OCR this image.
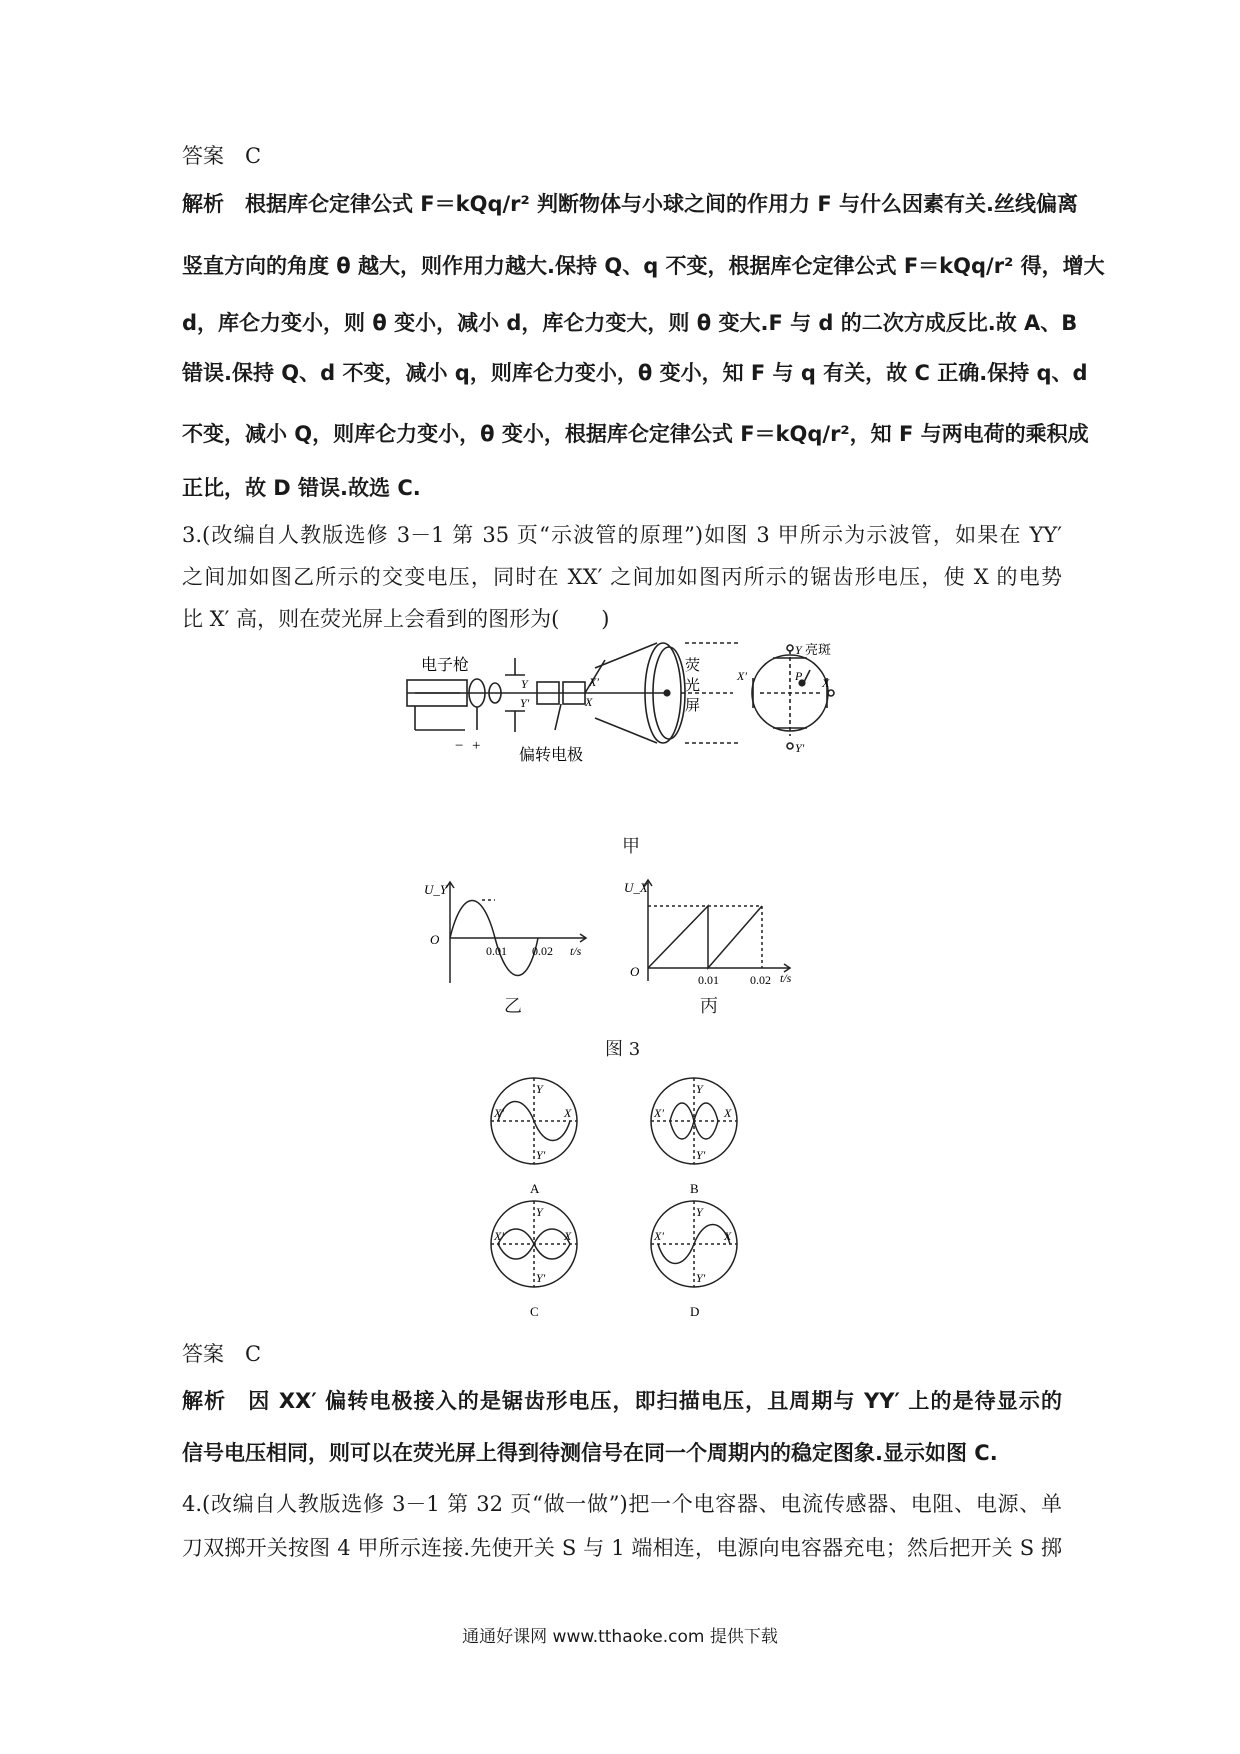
答案　C
解析　根据库仑定律公式 F＝kQq/r² 判断物体与小球之间的作用力 F 与什么因素有关.丝线偏离
竖直方向的角度 θ 越大，则作用力越大.保持 Q、q 不变，根据库仑定律公式 F＝kQq/r² 得，增大
d，库仑力变小，则 θ 变小，减小 d，库仑力变大，则 θ 变大.F 与 d 的二次方成反比.故 A、B
错误.保持 Q、d 不变，减小 q，则库仑力变小，θ 变小，知 F 与 q 有关，故 C 正确.保持 q、d
不变，减小 Q，则库仑力变小，θ 变小，根据库仑定律公式 F＝kQq/r²，知 F 与两电荷的乘积成
正比，故 D 错误.故选 C.
3.(改编自人教版选修 3－1 第 35 页“示波管的原理”)如图 3 甲所示为示波管，如果在 YY′
之间加如图乙所示的交变电压，同时在 XX′ 之间加如图丙所示的锯齿形电压，使 X 的电势
比 X′ 高，则在荧光屏上会看到的图形为(　　)
电子枪
偏转电极
荧
光
屏
Y
Y′
X′
X
− +
Y 亮斑
P
X′	X
Y′
甲
U_Y
O
0.01 0.02 t/s
乙
U_X
O
0.01	0.02 t/s
丙
图 3
Y
X′	X
Y′
A
Y
X′	X
Y′
B
Y
X′	X
Y′
C
Y
X′	X
Y′
D
答案　C
解析　因 XX′ 偏转电极接入的是锯齿形电压，即扫描电压，且周期与 YY′ 上的是待显示的
信号电压相同，则可以在荧光屏上得到待测信号在同一个周期内的稳定图象.显示如图 C.
4.(改编自人教版选修 3－1 第 32 页“做一做”)把一个电容器、电流传感器、电阻、电源、单
刀双掷开关按图 4 甲所示连接.先使开关 S 与 1 端相连，电源向电容器充电；然后把开关 S 掷
通通好课网 www.tthaoke.com 提供下载
